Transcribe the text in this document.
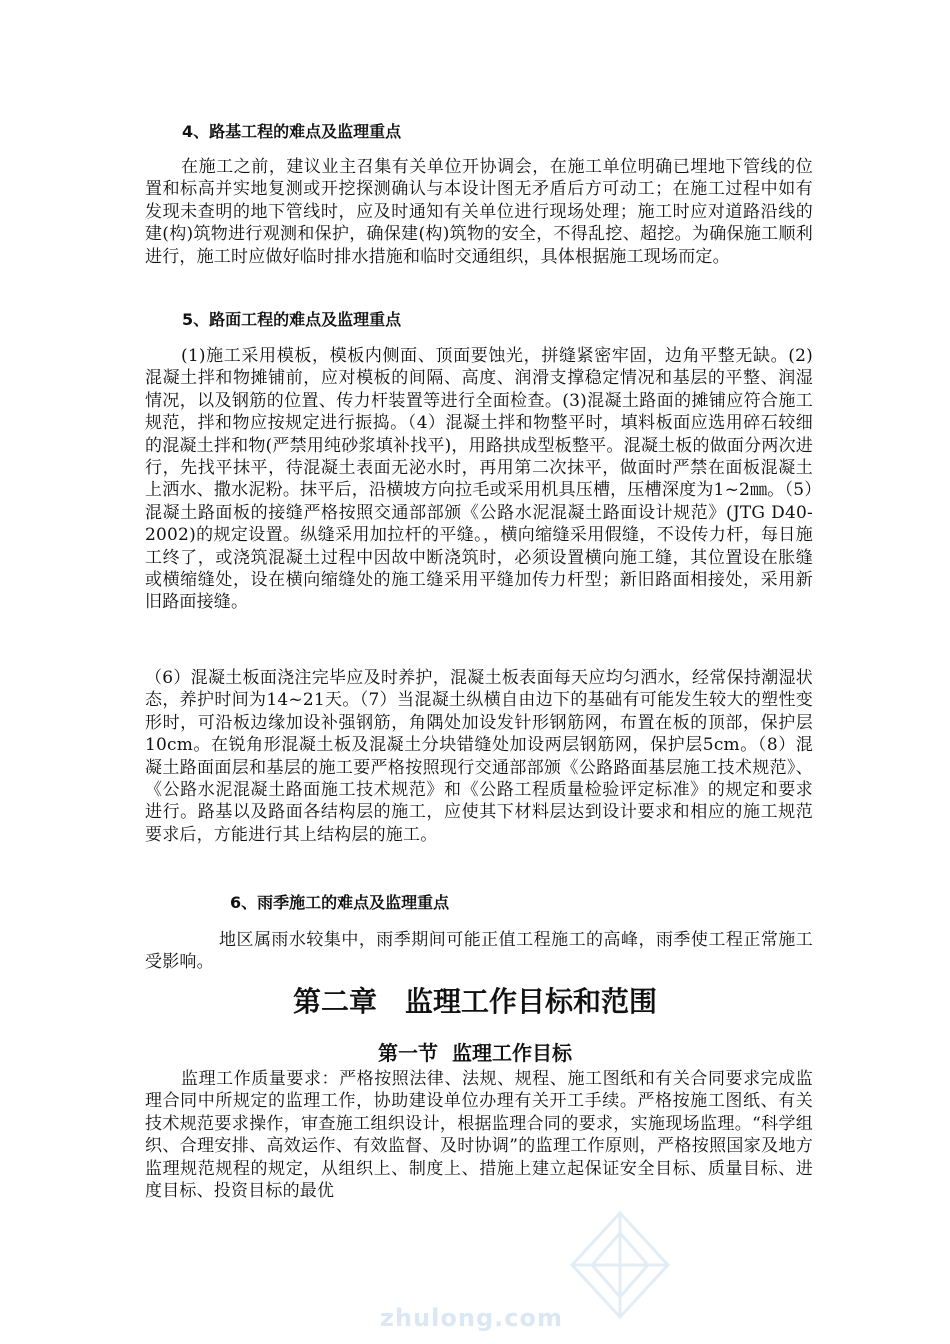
4、路基工程的难点及监理重点

在施工之前，建议业主召集有关单位开协调会，在施工单位明确已埋地下管线的位置和标高并实地复测或开挖探测确认与本设计图无矛盾后方可动工；在施工过程中如有发现未查明的地下管线时，应及时通知有关单位进行现场处理；施工时应对道路沿线的建(构)筑物进行观测和保护，确保建(构)筑物的安全，不得乱挖、超挖。为确保施工顺利进行，施工时应做好临时排水措施和临时交通组织，具体根据施工现场而定。

5、路面工程的难点及监理重点

(1)施工采用模板，模板内侧面、顶面要蚀光，拼缝紧密牢固，边角平整无缺。(2)混凝土拌和物摊铺前，应对模板的间隔、高度、润滑支撑稳定情况和基层的平整、润湿情况，以及钢筋的位置、传力杆装置等进行全面检查。(3)混凝土路面的摊铺应符合施工规范，拌和物应按规定进行振捣。（4）混凝土拌和物整平时，填料板面应选用碎石较细的混凝土拌和物(严禁用纯砂浆填补找平)，用路拱成型板整平。混凝土板的做面分两次进行，先找平抹平，待混凝土表面无泌水时，再用第二次抹平，做面时严禁在面板混凝土上洒水、撒水泥粉。抹平后，沿横坡方向拉毛或采用机具压槽，压槽深度为1~2㎜。（5）混凝土路面板的接缝严格按照交通部部颁《公路水泥混凝土路面设计规范》(JTG D40-2002)的规定设置。纵缝采用加拉杆的平缝。，横向缩缝采用假缝，不设传力杆，每日施工终了，或浇筑混凝土过程中因故中断浇筑时，必须设置横向施工缝，其位置设在胀缝或横缩缝处，设在横向缩缝处的施工缝采用平缝加传力杆型；新旧路面相接处，采用新旧路面接缝。

（6）混凝土板面浇注完毕应及时养护，混凝土板表面每天应均匀洒水，经常保持潮湿状态，养护时间为14~21天。（7）当混凝土纵横自由边下的基础有可能发生较大的塑性变形时，可沿板边缘加设补强钢筋，角隅处加设发针形钢筋网，布置在板的顶部，保护层10cm。在锐角形混凝土板及混凝土分块错缝处加设两层钢筋网，保护层5cm。（8）混凝土路面面层和基层的施工要严格按照现行交通部部颁《公路路面基层施工技术规范》、《公路水泥混凝土路面施工技术规范》和《公路工程质量检验评定标准》的规定和要求进行。路基以及路面各结构层的施工，应使其下材料层达到设计要求和相应的施工规范要求后，方能进行其上结构层的施工。

6、雨季施工的难点及监理重点

地区属雨水较集中，雨季期间可能正值工程施工的高峰，雨季使工程正常施工受影响。

第二章　监理工作目标和范围
第一节  监理工作目标

监理工作质量要求：严格按照法律、法规、规程、施工图纸和有关合同要求完成监理合同中所规定的监理工作，协助建设单位办理有关开工手续。严格按施工图纸、有关技术规范要求操作，审查施工组织设计，根据监理合同的要求，实施现场监理。“科学组织、合理安排、高效运作、有效监督、及时协调”的监理工作原则，严格按照国家及地方监理规范规程的规定，从组织上、制度上、措施上建立起保证安全目标、质量目标、进度目标、投资目标的最优

zhulong.com
